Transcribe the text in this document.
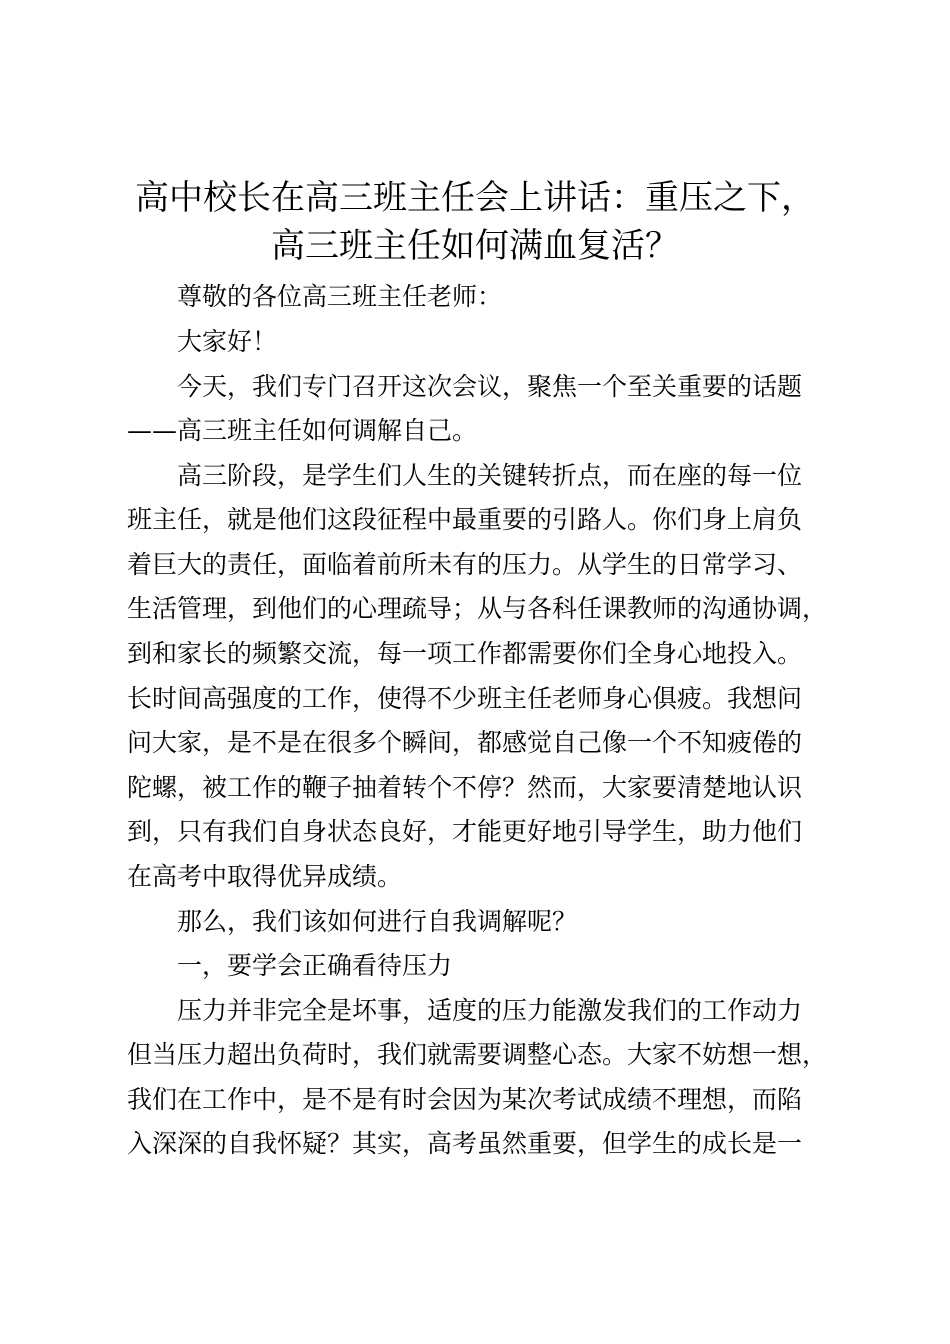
高中校长在高三班主任会上讲话：重压之下，
高三班主任如何满血复活？

尊敬的各位高三班主任老师：

大家好！

今天，我们专门召开这次会议，聚焦一个至关重要的话题

——高三班主任如何调解自己。

高三阶段，是学生们人生的关键转折点，而在座的每一位

班主任，就是他们这段征程中最重要的引路人。你们身上肩负

着巨大的责任，面临着前所未有的压力。从学生的日常学习、

生活管理，到他们的心理疏导；从与各科任课教师的沟通协调，

到和家长的频繁交流，每一项工作都需要你们全身心地投入。

长时间高强度的工作，使得不少班主任老师身心俱疲。我想问

问大家，是不是在很多个瞬间，都感觉自己像一个不知疲倦的

陀螺，被工作的鞭子抽着转个不停？然而，大家要清楚地认识

到，只有我们自身状态良好，才能更好地引导学生，助力他们

在高考中取得优异成绩。

那么，我们该如何进行自我调解呢？

一，要学会正确看待压力

压力并非完全是坏事，适度的压力能激发我们的工作动力

但当压力超出负荷时，我们就需要调整心态。大家不妨想一想，

我们在工作中，是不是有时会因为某次考试成绩不理想，而陷

入深深的自我怀疑？其实，高考虽然重要，但学生的成长是一
